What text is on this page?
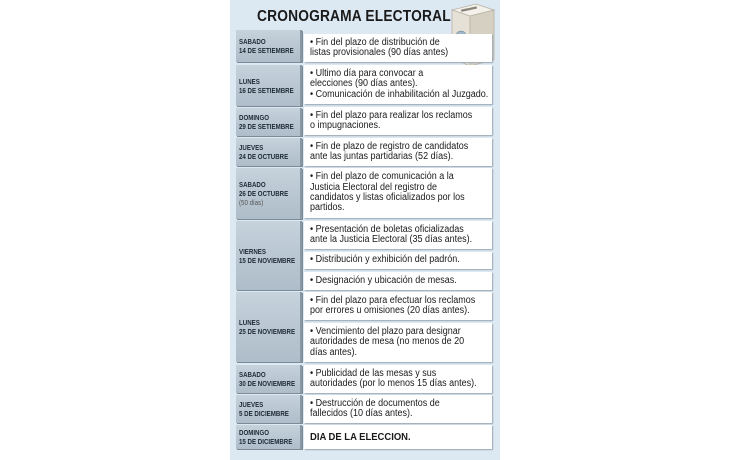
CRONOGRAMA ELECTORAL
SABADO
14 DE SETIEMBRE
LUNES
16 DE SETIEMBRE
DOMINGO
29 DE SETIEMBRE
JUEVES
24 DE OCTUBRE
SABADO
26 DE OCTUBRE
(50 días)
VIERNES
15 DE NOVIEMBRE
LUNES
25 DE NOVIEMBRE
SABADO
30 DE NOVIEMBRE
JUEVES
5 DE DICIEMBRE
DOMINGO
15 DE DICIEMBRE
• Fin del plazo de distribución de
listas provisionales (90 días antes)
• Ultimo día para convocar a
elecciones (90 días antes).
• Comunicación de inhabilitación al Juzgado.
• Fin del plazo para realizar los reclamos
o impugnaciones.
• Fin de plazo de registro de candidatos
ante las juntas partidarias (52 días).
• Fin del plazo de comunicación a la
Justicia Electoral del registro de
candidatos y listas oficializados por los
partidos.
• Presentación de boletas oficializadas
ante la Justicia Electoral (35 días antes).
• Distribución y exhibición del padrón.
• Designación y ubicación de mesas.
• Fin del plazo para efectuar los reclamos
por errores u omisiones (20 días antes).
• Vencimiento del plazo para designar
autoridades de mesa (no menos de 20
días antes).
• Publicidad de las mesas y sus
autoridades (por lo menos 15 días antes).
• Destrucción de documentos de
fallecidos (10 días antes).
DIA DE LA ELECCION.
